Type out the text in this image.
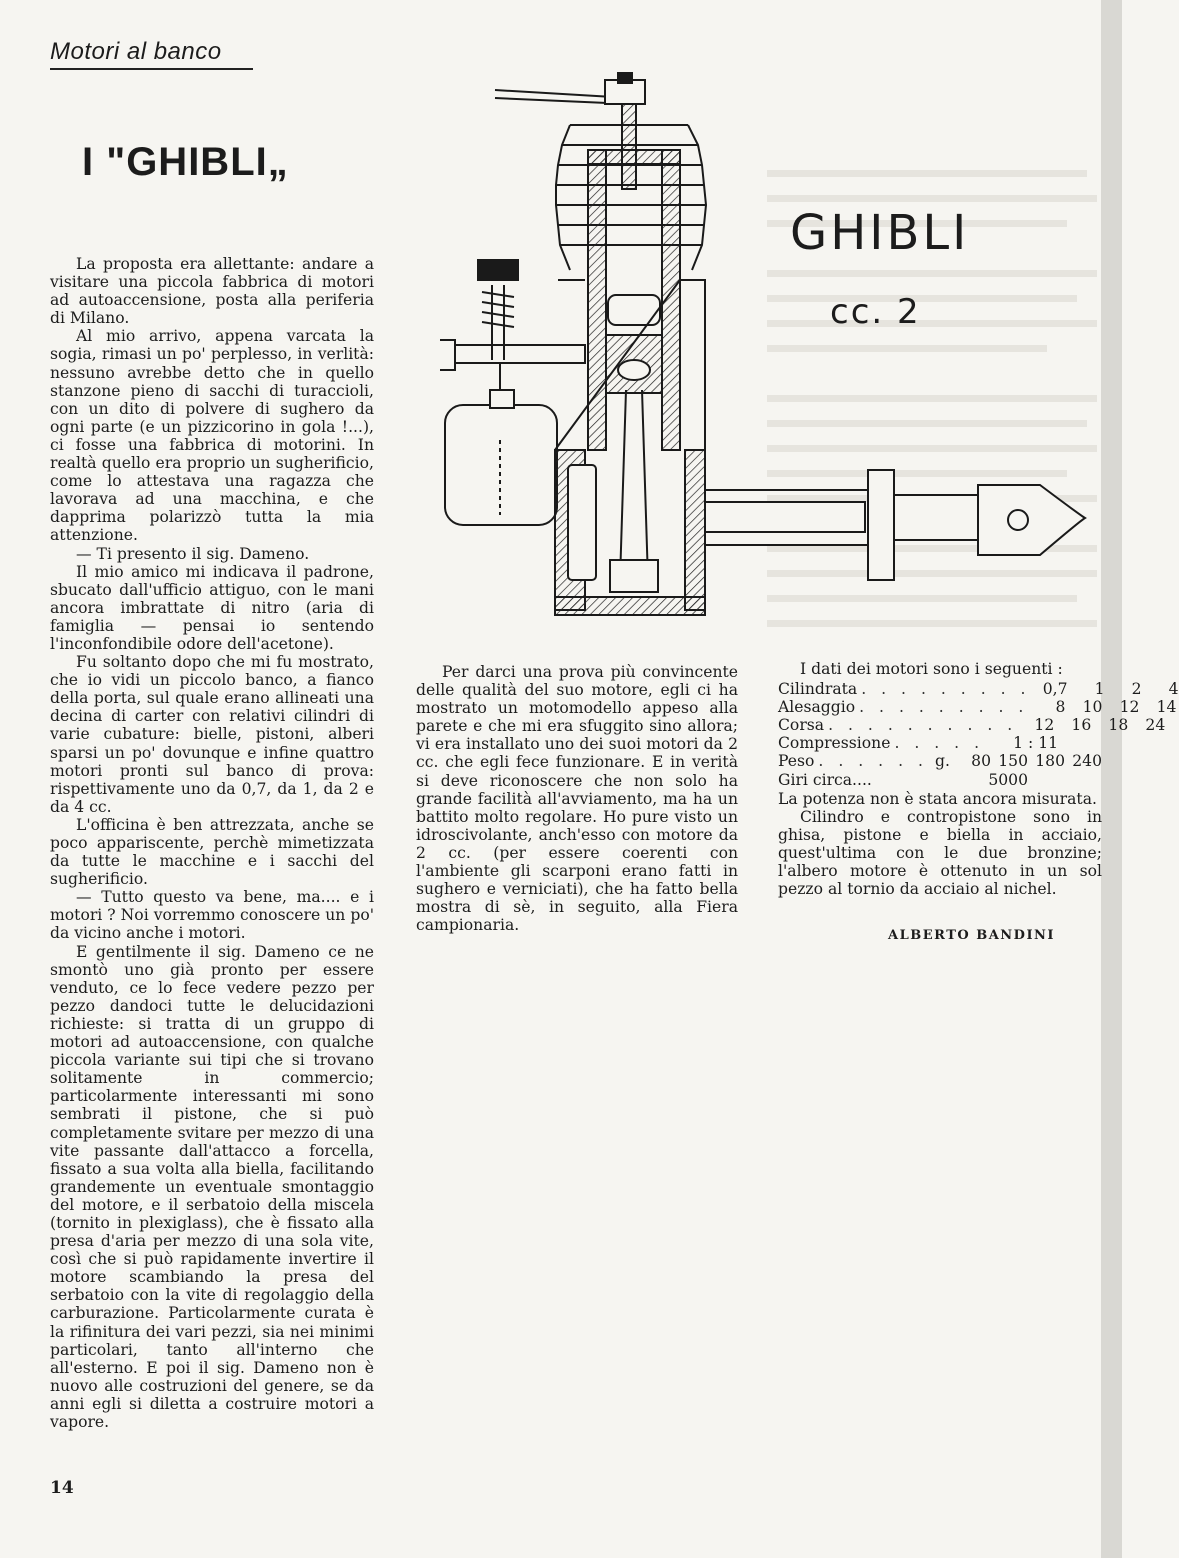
Motori al banco
I "GHIBLI„

La proposta era allettante: andare a visitare una piccola fabbrica di motori ad autoaccensione, posta alla periferia di Milano.

Al mio arrivo, appena varcata la sogia, rimasi un po' perplesso, in verlità: nessuno avrebbe detto che in quello stanzone pieno di sacchi di turaccioli, con un dito di polvere di sughero da ogni parte (e un pizzicorino in gola !...), ci fosse una fabbrica di motorini. In realtà quello era proprio un sugherificio, come lo attestava una ragazza che lavorava ad una macchina, e che dapprima polarizzò tutta la mia attenzione.

— Ti presento il sig. Dameno.

Il mio amico mi indicava il padrone, sbucato dall'ufficio attiguo, con le mani ancora imbrattate di nitro (aria di famiglia — pensai io sentendo l'inconfondibile odore dell'acetone).

Fu soltanto dopo che mi fu mostrato, che io vidi un piccolo banco, a fianco della porta, sul quale erano allineati una decina di carter con relativi cilindri di varie cubature: bielle, pistoni, alberi sparsi un po' dovunque e infine quattro motori pronti sul banco di prova: rispettivamente uno da 0,7, da 1, da 2 e da 4 cc.

L'officina è ben attrezzata, anche se poco appariscente, perchè mimetizzata da tutte le macchine e i sacchi del sugherificio.

— Tutto questo va bene, ma.... e i motori ? Noi vorremmo conoscere un po' da vicino anche i motori.

E gentilmente il sig. Dameno ce ne smontò uno già pronto per essere venduto, ce lo fece vedere pezzo per pezzo dandoci tutte le delucidazioni richieste: si tratta di un gruppo di motori ad autoaccensione, con qualche piccola variante sui tipi che si trovano solitamente in commercio; particolarmente interessanti mi sono sembrati il pistone, che si può completamente svitare per mezzo di una vite passante dall'attacco a forcella, fissato a sua volta alla biella, facilitando grandemente un eventuale smontaggio del motore, e il serbatoio della miscela (tornito in plexiglass), che è fissato alla presa d'aria per mezzo di una sola vite, così che si può rapidamente invertire il motore scambiando la presa del serbatoio con la vite di regolaggio della carburazione. Particolarmente curata è la rifinitura dei vari pezzi, sia nei minimi particolari, tanto all'interno che all'esterno. E poi il sig. Dameno non è nuovo alle costruzioni del genere, se da anni egli si diletta a costruire motori a vapore.

Per darci una prova più convincente delle qualità del suo motore, egli ci ha mostrato un motomodello appeso alla parete e che mi era sfuggito sino allora; vi era installato uno dei suoi motori da 2 cc. che egli fece funzionare. E in verità si deve riconoscere che non solo ha grande facilità all'avviamento, ma ha un battito molto regolare. Ho pure visto un idroscivolante, anch'esso con motore da 2 cc. (per essere coerenti con l'ambiente gli scarponi erano fatti in sughero e verniciati), che ha fatto bella mostra di sè, in seguito, alla Fiera campionaria.

I dati dei motori sono i seguenti :
Cilindrata . . . . . . . . . 0,7	1	2	4
Alesaggio . . . . . . . . .	8	10	12	14
Corsa . . . . . . . . . .	12	16	18	24
Compressione . . . . .	1 : 11
Peso . . . . . . g.	80 150 180 240
Giri circa....	5000

La potenza non è stata ancora misurata.

Cilindro e contropistone sono in ghisa, pistone e biella in acciaio, quest'ultima con le due bronzine; l'albero motore è ottenuto in un sol pezzo al tornio da acciaio al nichel.

ALBERTO BANDINI
GHIBLI
cc. 2
14
